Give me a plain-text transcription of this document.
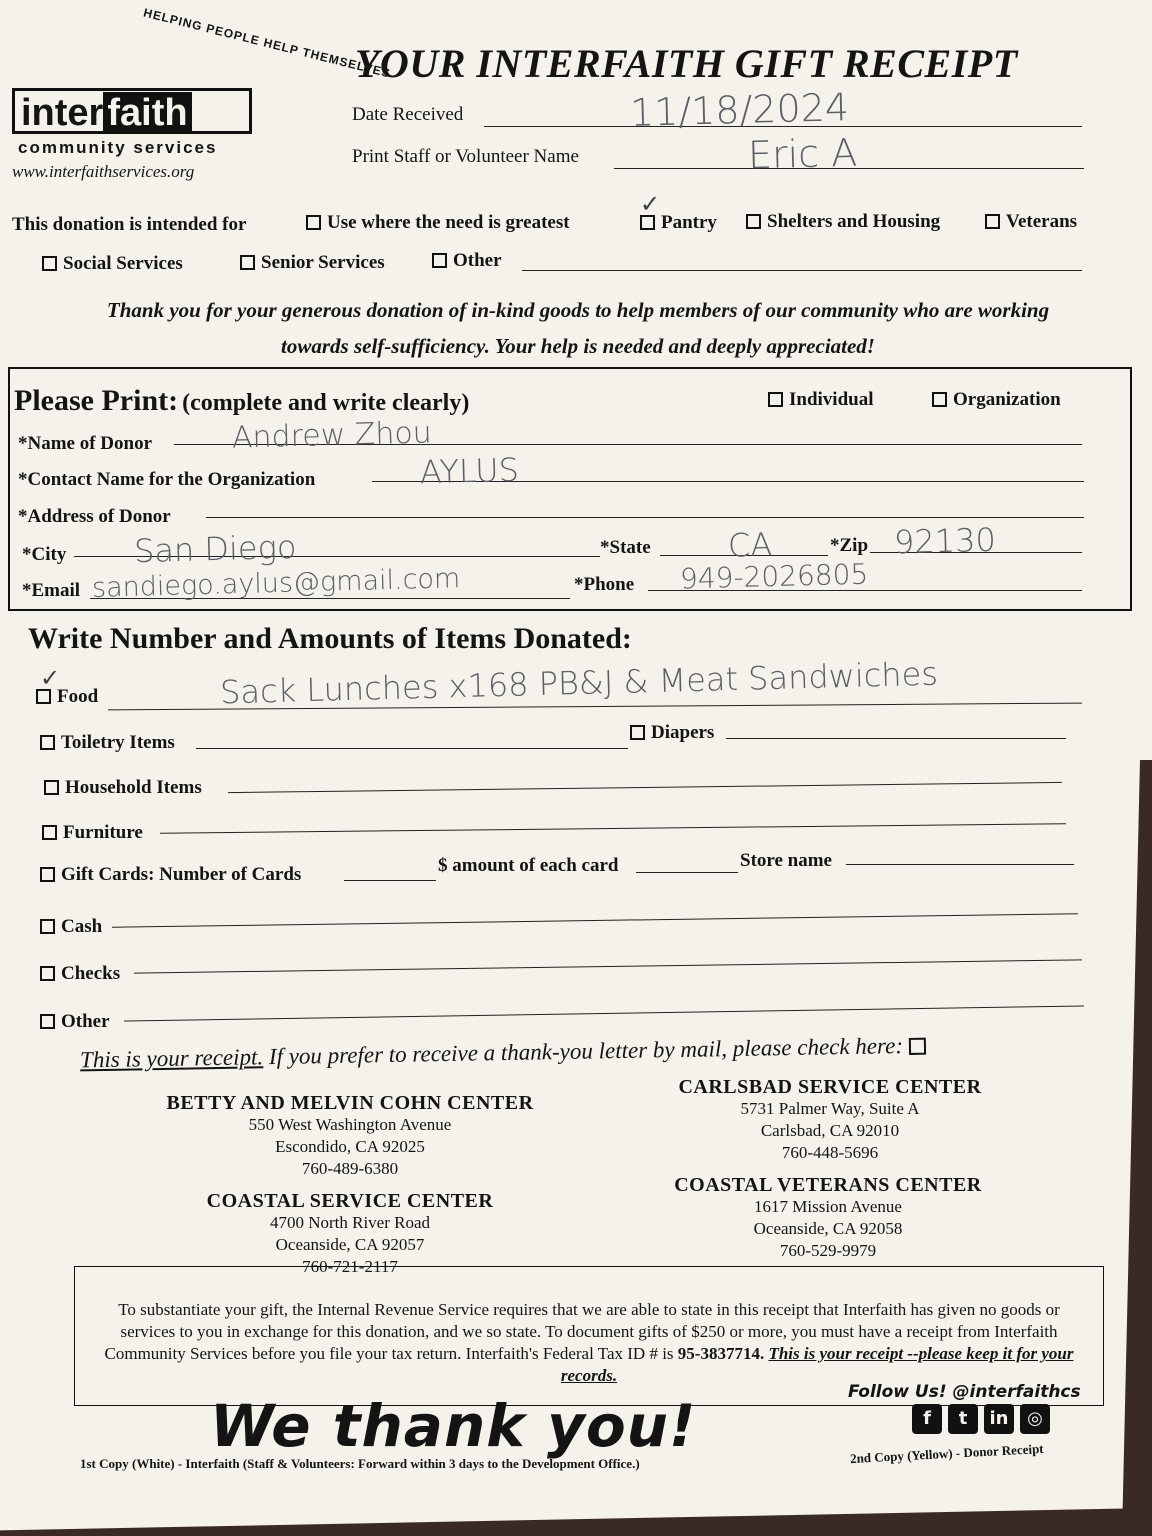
HELPING PEOPLE HELP THEMSELVES
inter faith
community services
www.interfaithservices.org
YOUR INTERFAITH GIFT RECEIPT
Date Received	11/18/2024
Print Staff or Volunteer Name	Eric A
This donation is intended for	Use where the need is greatest	Pantry
✓
Shelters and Housing	Veterans
Social Services	Senior Services	Other
Thank you for your generous donation of in-kind goods to help members of our community who are working towards self-sufficiency. Your help is needed and deeply appreciated!
Please Print: (complete and write clearly)	Individual	Organization
*Name of Donor	Andrew Zhou
*Contact Name for the Organization	AYLUS
*Address of Donor
*City San Diego	*State CA	*Zip 92130
*Email sandiego.aylus@gmail.com	*Phone 949-2026805
Write Number and Amounts of Items Donated:
Food
✓	Sack Lunches x168 PB&J & Meat Sandwiches
Toiletry Items	Diapers
Household Items
Furniture
Gift Cards: Number of Cards	$ amount of each card	Store name
Cash
Checks
Other
This is your receipt. If you prefer to receive a thank-you letter by mail, please check here:
BETTY AND MELVIN COHN CENTER
550 West Washington Avenue
Escondido, CA 92025
760-489-6380
CARLSBAD SERVICE CENTER
5731 Palmer Way, Suite A
Carlsbad, CA 92010
760-448-5696
COASTAL SERVICE CENTER
4700 North River Road
Oceanside, CA 92057
760-721-2117
COASTAL VETERANS CENTER
1617 Mission Avenue
Oceanside, CA 92058
760-529-9979
To substantiate your gift, the Internal Revenue Service requires that we are able to state in this receipt that Interfaith has given no goods or services to you in exchange for this donation, and we so state. To document gifts of $250 or more, you must have a receipt from Interfaith Community Services before you file your tax return. Interfaith's Federal Tax ID # is 95-3837714. This is your receipt --please keep it for your records.
Follow Us! @interfaithcs
f	t	in	◎
We thank you!
1st Copy (White) - Interfaith (Staff & Volunteers: Forward within 3 days to the Development Office.)	2nd Copy (Yellow) - Donor Receipt
